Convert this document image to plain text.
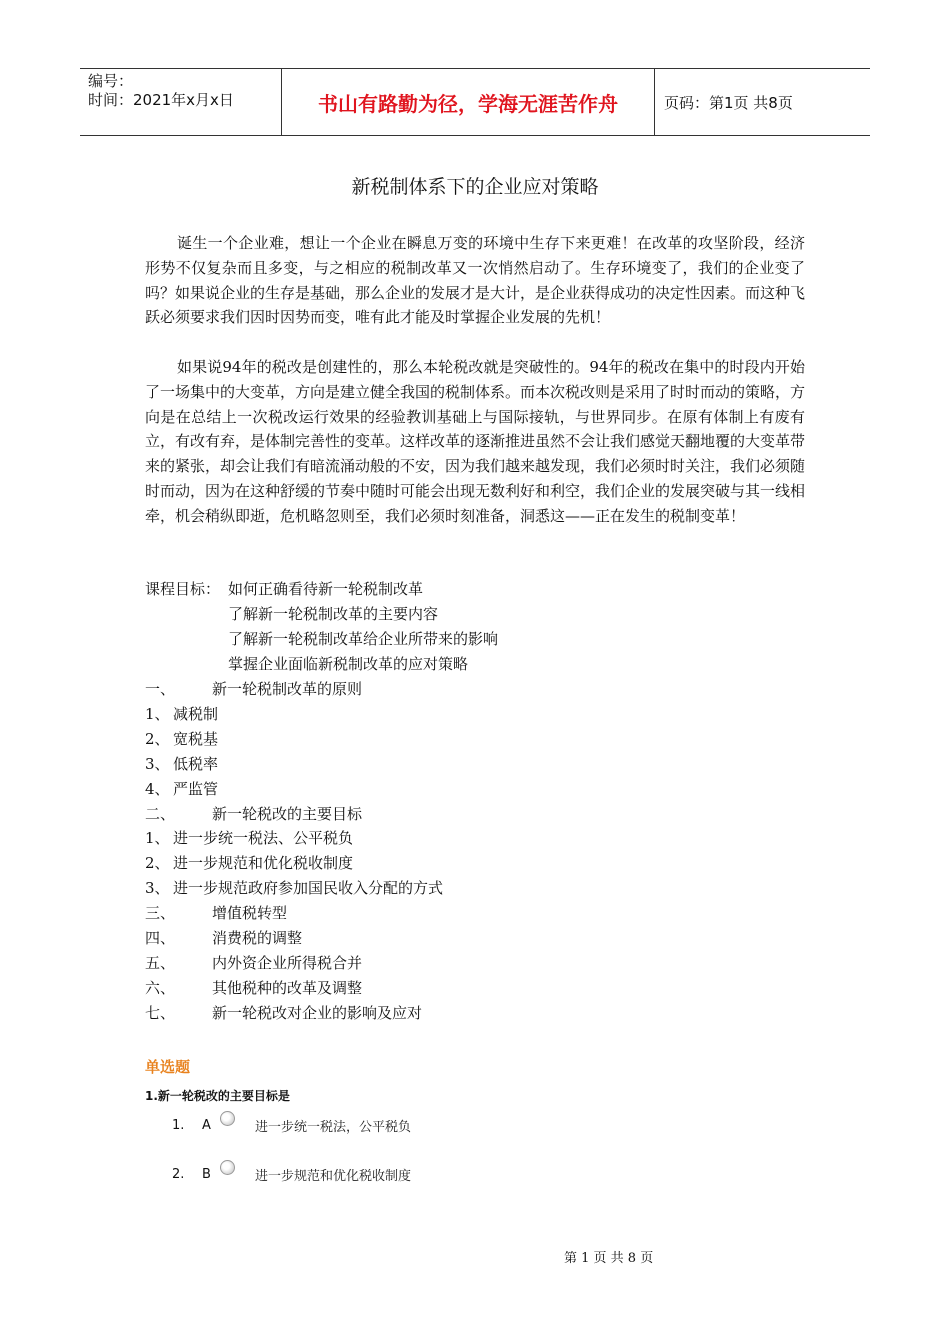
编号：
时间：2021年x月x日	书山有路勤为径，学海无涯苦作舟	页码：第1页 共8页
新税制体系下的企业应对策略
诞生一个企业难，想让一个企业在瞬息万变的环境中生存下来更难！在改革的攻坚阶段，经济形势不仅复杂而且多变，与之相应的税制改革又一次悄然启动了。生存环境变了，我们的企业变了吗？如果说企业的生存是基础，那么企业的发展才是大计，是企业获得成功的决定性因素。而这种飞跃必须要求我们因时因势而变，唯有此才能及时掌握企业发展的先机！
如果说94年的税改是创建性的，那么本轮税改就是突破性的。94年的税改在集中的时段内开始了一场集中的大变革，方向是建立健全我国的税制体系。而本次税改则是采用了时时而动的策略，方向是在总结上一次税改运行效果的经验教训基础上与国际接轨，与世界同步。在原有体制上有废有立，有改有弃，是体制完善性的变革。这样改革的逐渐推进虽然不会让我们感觉天翻地覆的大变革带来的紧张，却会让我们有暗流涌动般的不安，因为我们越来越发现，我们必须时时关注，我们必须随时而动，因为在这种舒缓的节奏中随时可能会出现无数利好和利空，我们企业的发展突破与其一线相牵，机会稍纵即逝，危机略忽则至，我们必须时刻准备，洞悉这——正在发生的税制变革！
课程目标： 如何正确看待新一轮税制改革
了解新一轮税制改革的主要内容
了解新一轮税制改革给企业所带来的影响
掌握企业面临新税制改革的应对策略
一、 新一轮税制改革的原则
1、 减税制
2、 宽税基
3、 低税率
4、 严监管
二、 新一轮税改的主要目标
1、 进一步统一税法、公平税负
2、 进一步规范和优化税收制度
3、 进一步规范政府参加国民收入分配的方式
三、 增值税转型
四、 消费税的调整
五、 内外资企业所得税合并
六、 其他税种的改革及调整
七、 新一轮税改对企业的影响及应对
单选题
1.新一轮税改的主要目标是
1.	A	进一步统一税法，公平税负
2.	B	进一步规范和优化税收制度
第 1 页 共 8 页
